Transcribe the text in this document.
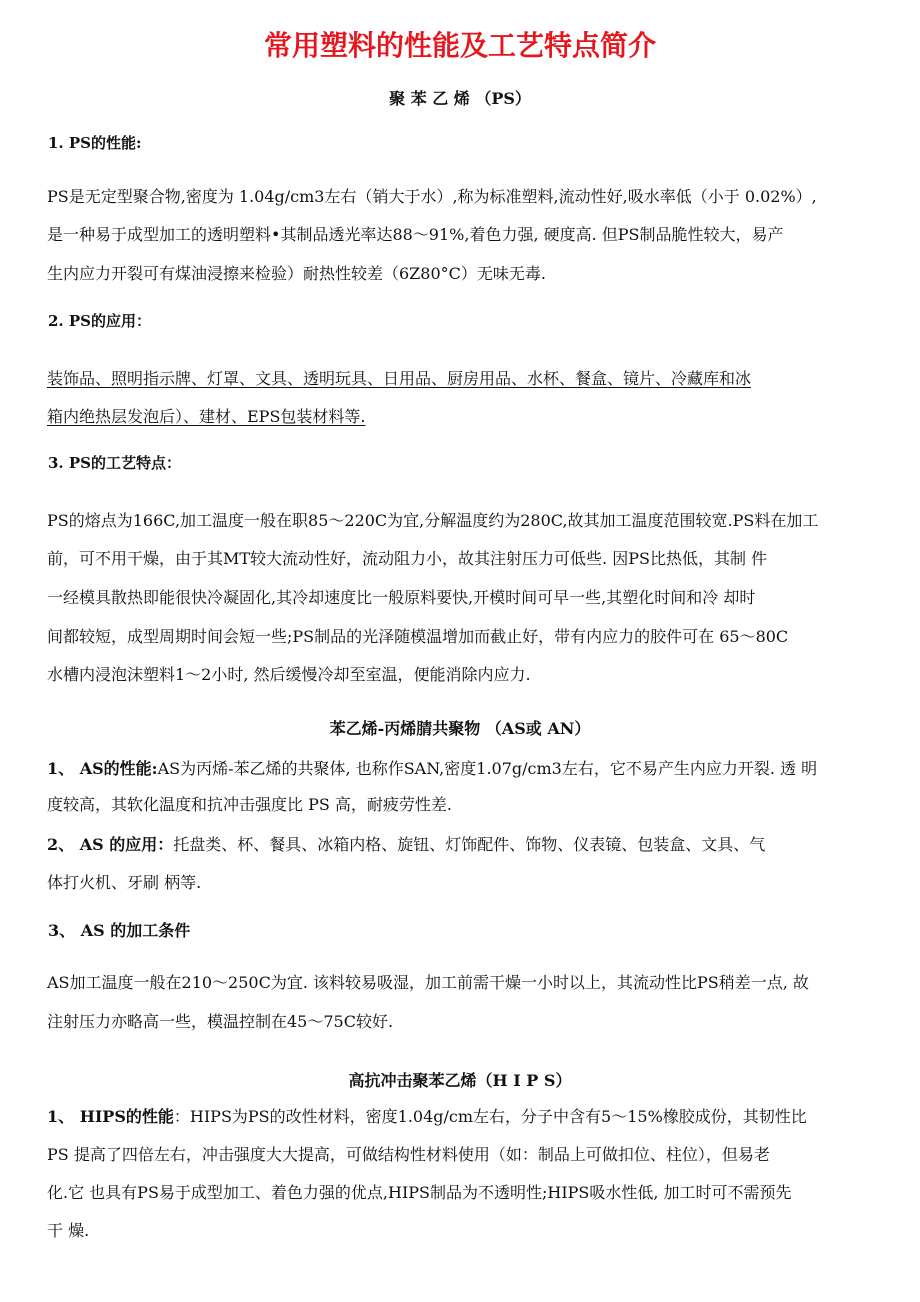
常用塑料的性能及工艺特点简介
聚 苯 乙 烯 （PS）
1. PS的性能:
PS是无定型聚合物,密度为 1.04g/cm3左右（销大于水）,称为标准塑料,流动性好,吸水率低（小于 0.02%）,
是一种易于成型加工的透明塑料•其制品透光率达88～91%,着色力强, 硬度高. 但PS制品脆性较大，易产
生内应力开裂可有煤油浸擦来检验）耐热性较差（6Z80°C）无味无毒.
2. PS的应用：
装饰品、照明指示牌、灯罩、文具、透明玩具、日用品、厨房用品、水杯、餐盒、镜片、冷藏库和冰
箱内绝热层发泡后）、建材、EPS包装材料等.
3. PS的工艺特点：
PS的熔点为166C,加工温度一般在职85～220C为宜,分解温度约为280C,故其加工温度范围较宽.PS料在加工
前，可不用干燥，由于其MT较大流动性好，流动阻力小，故其注射压力可低些. 因PS比热低，其制 件
一经模具散热即能很快冷凝固化,其冷却速度比一般原料要快,开模时间可早一些,其塑化时间和冷 却时
间都较短，成型周期时间会短一些;PS制品的光泽随模温增加而截止好，带有内应力的胶件可在 65～80C
水槽内浸泡沫塑料1～2小时, 然后缓慢冷却至室温，便能消除内应力.
苯乙烯-丙烯腈共聚物 （AS或 AN）
1、 AS的性能:AS为丙烯-苯乙烯的共聚体, 也称作SAN,密度1.07g/cm3左右，它不易产生内应力开裂. 透 明
度较高，其软化温度和抗冲击强度比 PS 高，耐疲劳性差.
2、 AS 的应用：托盘类、杯、餐具、冰箱内格、旋钮、灯饰配件、饰物、仪表镜、包装盒、文具、气
体打火机、牙刷 柄等.
3、 AS 的加工条件
AS加工温度一般在210～250C为宜. 该料较易吸湿，加工前需干燥一小时以上，其流动性比PS稍差一点, 故
注射压力亦略高一些，模温控制在45～75C较好.
高抗冲击聚苯乙烯（H I P S）
1、 HIPS的性能：HIPS为PS的改性材料，密度1.04g/cm左右，分子中含有5～15%橡胶成份，其韧性比
PS 提高了四倍左右，冲击强度大大提高，可做结构性材料使用（如：制品上可做扣位、柱位），但易老
化.它 也具有PS易于成型加工、着色力强的优点,HIPS制品为不透明性;HIPS吸水性低, 加工时可不需预先
干 燥.
